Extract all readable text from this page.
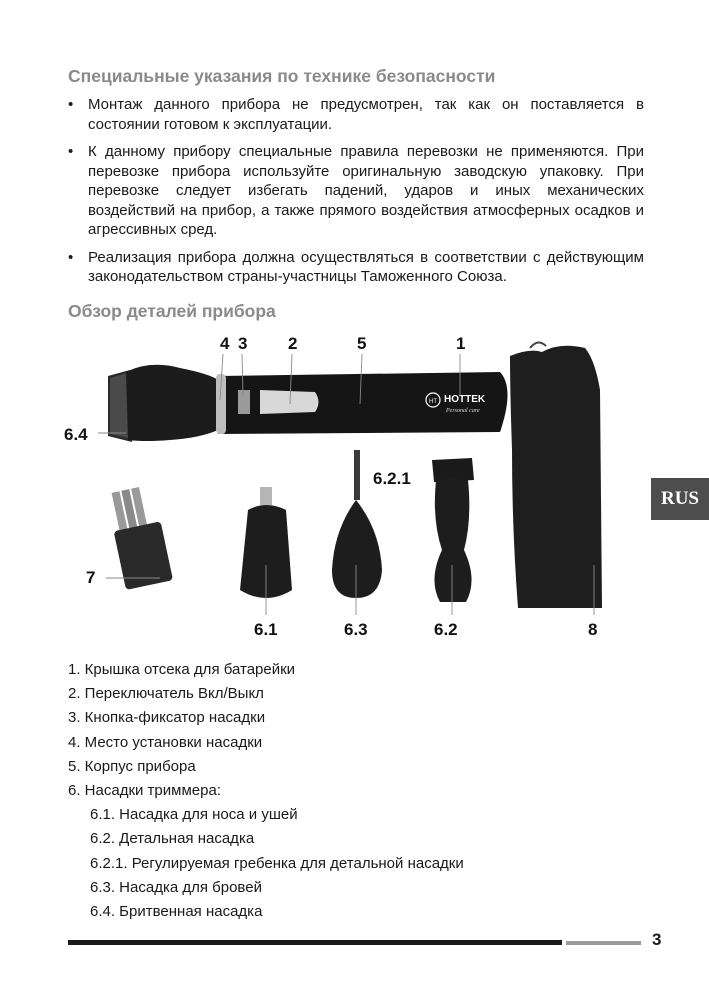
Специальные указания по технике безопасности
• Монтаж данного прибора не предусмотрен, так как он поставляется в состоянии готовом к эксплуатации.
• К данному прибору специальные правила перевозки не применяются. При перевозке прибора используйте оригинальную заводскую упаковку. При перевозке следует избегать падений, ударов и иных механических воздействий на прибор, а также прямого воздействия атмосферных осадков и агрессивных сред.
• Реализация прибора должна осуществляться в соответствии с действующим законодательством страны-участницы Таможенного Союза.
Обзор деталей прибора
RUS
HT HOTTEK
Personal care
4 3 2	5	1
6.4
6.2.1
7
6.1	6.3	6.2	8
1. Крышка отсека для батарейки
2. Переключатель Вкл/Выкл
3. Кнопка-фиксатор насадки
4. Место установки насадки
5. Корпус прибора
6. Насадки триммера:
6.1. Насадка для носа и ушей
6.2. Детальная насадка
6.2.1. Регулируемая гребенка для детальной насадки
6.3. Насадка для бровей
6.4. Бритвенная насадка
3
